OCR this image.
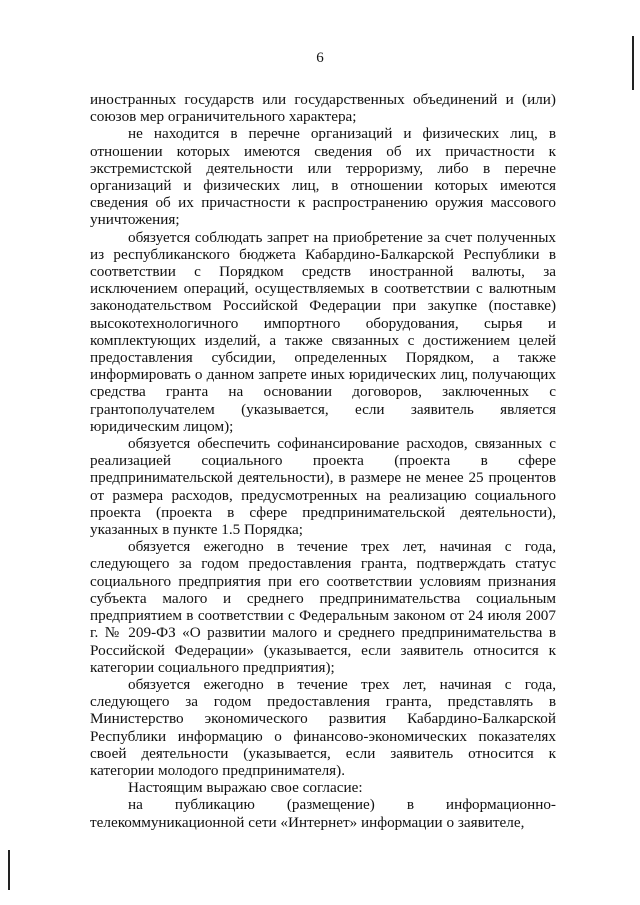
6

иностранных государств или государственных объединений и (или) союзов мер ограничительного характера;

не находится в перечне организаций и физических лиц, в отношении которых имеются сведения об их причастности к экстремистской деятельности или терроризму, либо в перечне организаций и физических лиц, в отношении которых имеются сведения об их причастности к распространению оружия массового уничтожения;

обязуется соблюдать запрет на приобретение за счет полученных из республиканского бюджета Кабардино-Балкарской Республики в соответствии с Порядком средств иностранной валюты, за исключением операций, осуществляемых в соответствии с валютным законодательством Российской Федерации при закупке (поставке) высокотехнологичного импортного оборудования, сырья и комплектующих изделий, а также связанных с достижением целей предоставления субсидии, определенных Порядком, а также информировать о данном запрете иных юридических лиц, получающих средства гранта на основании договоров, заключенных с грантополучателем (указывается, если заявитель является юридическим лицом);

обязуется обеспечить софинансирование расходов, связанных с реализацией социального проекта (проекта в сфере предпринимательской деятельности), в размере не менее 25 процентов от размера расходов, предусмотренных на реализацию социального проекта (проекта в сфере предпринимательской деятельности), указанных в пункте 1.5 Порядка;

обязуется ежегодно в течение трех лет, начиная с года, следующего за годом предоставления гранта, подтверждать статус социального предприятия при его соответствии условиям признания субъекта малого и среднего предпринимательства социальным предприятием в соответствии с Федеральным законом от 24 июля 2007 г. № 209-ФЗ «О развитии малого и среднего предпринимательства в Российской Федерации» (указывается, если заявитель относится к категории социального предприятия);

обязуется ежегодно в течение трех лет, начиная с года, следующего за годом предоставления гранта, представлять в Министерство экономического развития Кабардино-Балкарской Республики информацию о финансово-экономических показателях своей деятельности (указывается, если заявитель относится к категории молодого предпринимателя).

Настоящим выражаю свое согласие:

на публикацию (размещение) в информационно-телекоммуникационной сети «Интернет» информации о заявителе,
